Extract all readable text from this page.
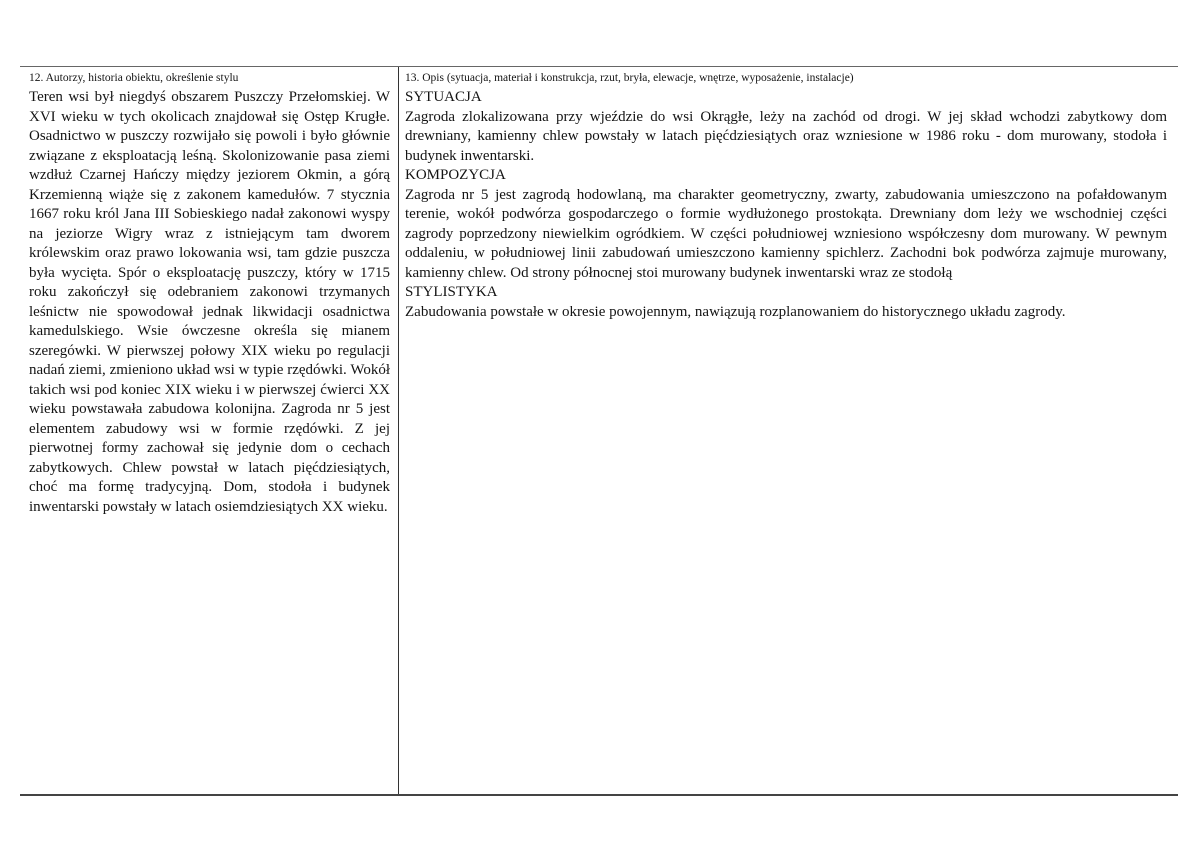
12. Autorzy, historia obiektu, określenie stylu

Teren wsi był niegdyś obszarem Puszczy Przełomskiej. W XVI wieku w tych okolicach znajdował się Ostęp Krugłe. Osadnictwo w puszczy rozwijało się powoli i było głównie związane z eksploatacją leśną. Skolonizowanie pasa ziemi wzdłuż Czarnej Hańczy między jeziorem Okmin, a górą Krzemienną wiąże się z zakonem kamedułów. 7 stycznia 1667 roku król Jana III Sobieskiego nadał zakonowi wyspy na jeziorze Wigry wraz z istniejącym tam dworem królewskim oraz prawo lokowania wsi, tam gdzie puszcza była wycięta. Spór o eksploatację puszczy, który w 1715 roku zakończył się odebraniem zakonowi trzymanych leśnictw nie spowodował jednak likwidacji osadnictwa kamedulskiego. Wsie ówczesne określa się mianem szeregówki. W pierwszej połowy XIX wieku po regulacji nadań ziemi, zmieniono układ wsi w typie rzędówki. Wokół takich wsi pod koniec XIX wieku i w pierwszej ćwierci XX wieku powstawała zabudowa kolonijna. Zagroda nr 5 jest elementem zabudowy wsi w formie rzędówki. Z jej pierwotnej formy zachował się jedynie dom o cechach zabytkowych. Chlew powstał w latach pięćdziesiątych, choć ma formę tradycyjną. Dom, stodoła i budynek inwentarski powstały w latach osiemdziesiątych XX wieku.

13. Opis (sytuacja, materiał i konstrukcja, rzut, bryła, elewacje, wnętrze, wyposażenie, instalacje)
SYTUACJA

Zagroda zlokalizowana przy wjeździe do wsi Okrągłe, leży na zachód od drogi. W jej skład wchodzi zabytkowy dom drewniany, kamienny chlew powstały w latach pięćdziesiątych oraz wzniesione w 1986 roku - dom murowany, stodoła i budynek inwentarski.

KOMPOZYCJA

Zagroda nr 5 jest zagrodą hodowlaną, ma charakter geometryczny, zwarty, zabudowania umieszczono na pofałdowanym terenie, wokół podwórza gospodarczego o formie wydłużonego prostokąta. Drewniany dom leży we wschodniej części zagrody poprzedzony niewielkim ogródkiem. W części południowej wzniesiono współczesny dom murowany. W pewnym oddaleniu, w południowej linii zabudowań umieszczono kamienny spichlerz. Zachodni bok podwórza zajmuje murowany, kamienny chlew. Od strony północnej stoi murowany budynek inwentarski wraz ze stodołą

STYLISTYKA

Zabudowania powstałe w okresie powojennym, nawiązują rozplanowaniem do historycznego układu zagrody.
